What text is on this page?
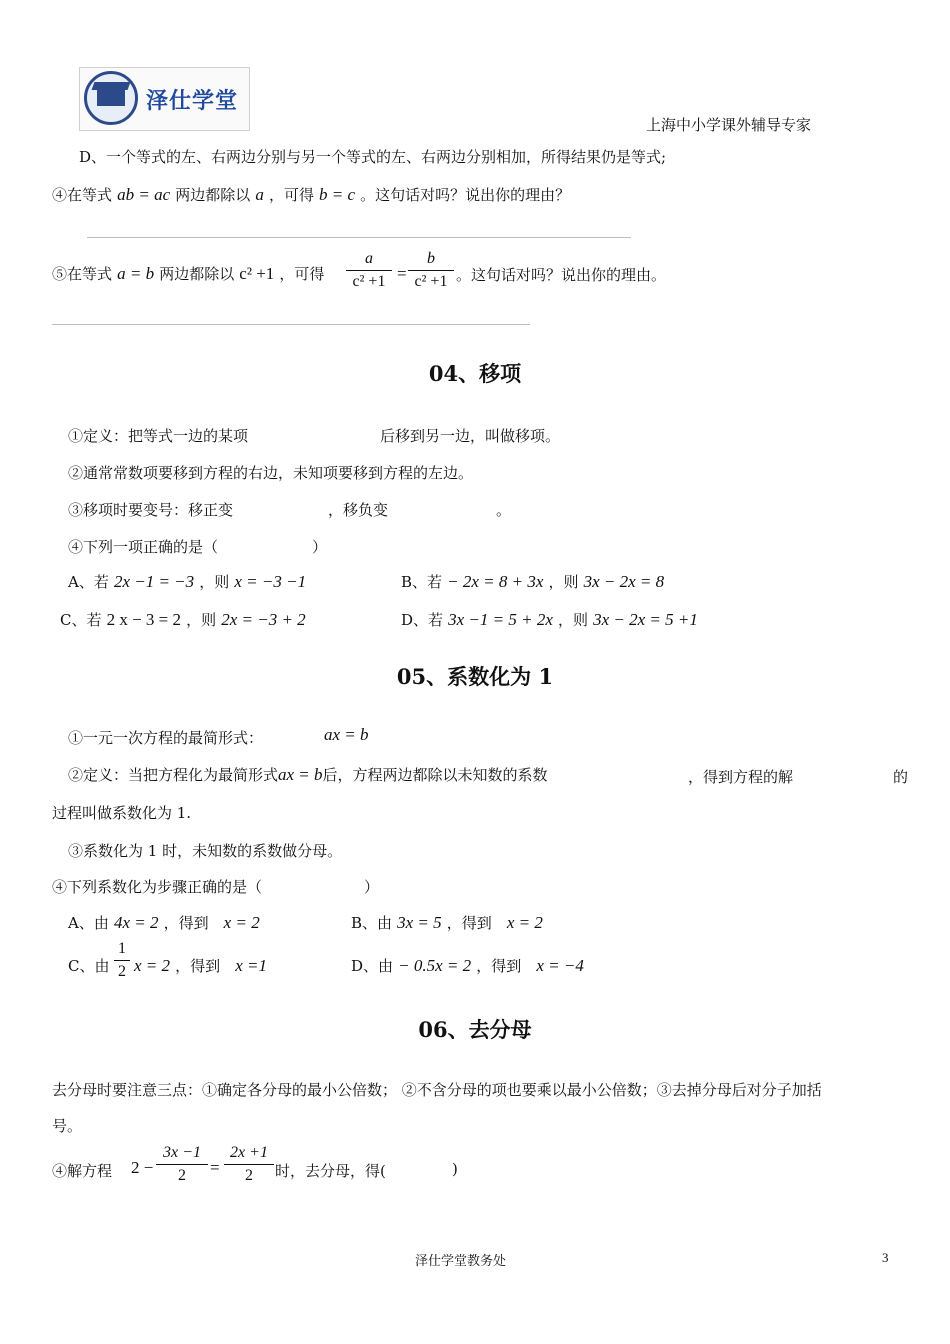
泽仕学堂
上海中小学课外辅导专家
D、一个等式的左、右两边分别与另一个等式的左、右两边分别相加，所得结果仍是等式;
④在等式 ab = ac 两边都除以 a ，可得 b = c 。这句话对吗？说出你的理由？
⑤在等式 a = b 两边都除以 c² +1 ，可得
a
c² +1 =
b
c² +1 。这句话对吗？说出你的理由。
04、移项
①定义：把等式一边的某项	后移到另一边，叫做移项。
②通常常数项要移到方程的右边，未知项要移到方程的左边。
③移项时要变号：移正变	，移负变	。
④下列一项正确的是（	）
A、若 2x −1 = −3 ，则 x = −3 −1	B、若 − 2x = 8 + 3x ，则 3x − 2x = 8
C、若 2 x − 3 = 2 ，则 2x = −3 + 2	D、若 3x −1 = 5 + 2x ，则 3x − 2x = 5 +1
05、系数化为 1
①一元一次方程的最简形式：	ax = b
②定义：当把方程化为最简形式ax = b后，方程两边都除以未知数的系数	，得到方程的解	的
过程叫做系数化为 1.
③系数化为 1 时，未知数的系数做分母。
④下列系数化为步骤正确的是（	）
A、由 4x = 2 ，得到 x = 2	B、由 3x = 5 ，得到 x = 2
C、由
1
2 x = 2 ，得到 x =1	D、由 − 0.5x = 2 ，得到 x = −4
06、去分母
去分母时要注意三点：①确定各分母的最小公倍数； ②不含分母的项也要乘以最小公倍数；③去掉分母后对分子加括
号。
④解方程 2 −
3x −1
2	=
2x +1
2	时，去分母，得(	)
泽仕学堂教务处	3
